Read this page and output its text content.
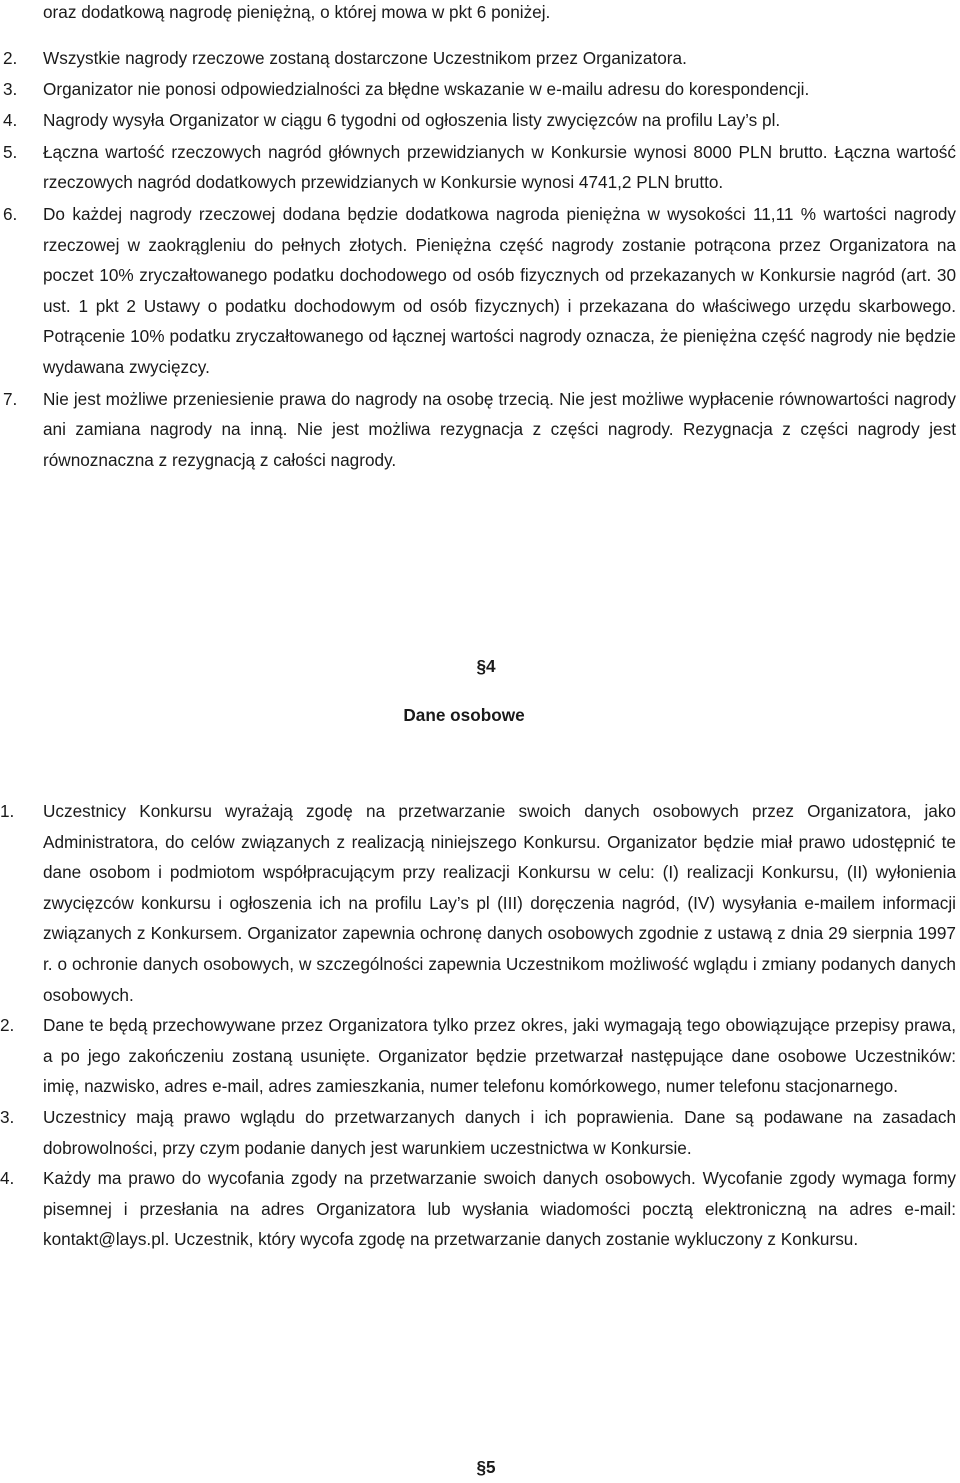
oraz dodatkową nagrodę pieniężną, o której mowa w pkt 6 poniżej.

2.	Wszystkie nagrody rzeczowe zostaną dostarczone Uczestnikom przez Organizatora.
3.	Organizator nie ponosi odpowiedzialności za błędne wskazanie w e-mailu adresu do korespondencji.
4.	Nagrody wysyła Organizator w ciągu 6 tygodni od ogłoszenia listy zwycięzców na profilu Lay’s pl.
5.	Łączna wartość rzeczowych nagród głównych przewidzianych w Konkursie wynosi 8000 PLN brutto. Łączna wartość rzeczowych nagród dodatkowych przewidzianych w Konkursie wynosi 4741,2 PLN brutto.
6.	Do każdej nagrody rzeczowej dodana będzie dodatkowa nagroda pieniężna w wysokości 11,11 % wartości nagrody rzeczowej w zaokrągleniu do pełnych złotych. Pieniężna część nagrody zostanie potrącona przez Organizatora na poczet 10% zryczałtowanego podatku dochodowego od osób fizycznych od przekazanych w Konkursie nagród (art. 30 ust. 1 pkt 2 Ustawy o podatku dochodowym od osób fizycznych) i przekazana do właściwego urzędu skarbowego. Potrącenie 10% podatku zryczałtowanego od łącznej wartości nagrody oznacza, że pieniężna część nagrody nie będzie wydawana zwycięzcy.
7.	Nie jest możliwe przeniesienie prawa do nagrody na osobę trzecią. Nie jest możliwe wypłacenie równowartości nagrody ani zamiana nagrody na inną. Nie jest możliwa rezygnacja z części nagrody. Rezygnacja z części nagrody jest równoznaczna z rezygnacją z całości nagrody.
§4
Dane osobowe
1.	Uczestnicy Konkursu wyrażają zgodę na przetwarzanie swoich danych osobowych przez Organizatora, jako Administratora, do celów związanych z realizacją niniejszego Konkursu. Organizator będzie miał prawo udostępnić te dane osobom i podmiotom współpracującym przy realizacji Konkursu w celu: (I) realizacji Konkursu, (II) wyłonienia zwycięzców konkursu i ogłoszenia ich na profilu Lay’s pl (III) doręczenia nagród, (IV) wysyłania e-mailem informacji związanych z Konkursem. Organizator zapewnia ochronę danych osobowych zgodnie z ustawą z dnia 29 sierpnia 1997 r. o ochronie danych osobowych, w szczególności zapewnia Uczestnikom możliwość wglądu i zmiany podanych danych osobowych.
2.	Dane te będą przechowywane przez Organizatora tylko przez okres, jaki wymagają tego obowiązujące przepisy prawa, a po jego zakończeniu zostaną usunięte. Organizator będzie przetwarzał następujące dane osobowe Uczestników: imię, nazwisko, adres e-mail, adres zamieszkania, numer telefonu komórkowego, numer telefonu stacjonarnego.
3.	Uczestnicy mają prawo wglądu do przetwarzanych danych i ich poprawienia. Dane są podawane na zasadach dobrowolności, przy czym podanie danych jest warunkiem uczestnictwa w Konkursie.
4.	Każdy ma prawo do wycofania zgody na przetwarzanie swoich danych osobowych. Wycofanie zgody wymaga formy pisemnej i przesłania na adres Organizatora lub wysłania wiadomości pocztą elektroniczną na adres e-mail: kontakt@lays.pl. Uczestnik, który wycofa zgodę na przetwarzanie danych zostanie wykluczony z Konkursu.
§5
